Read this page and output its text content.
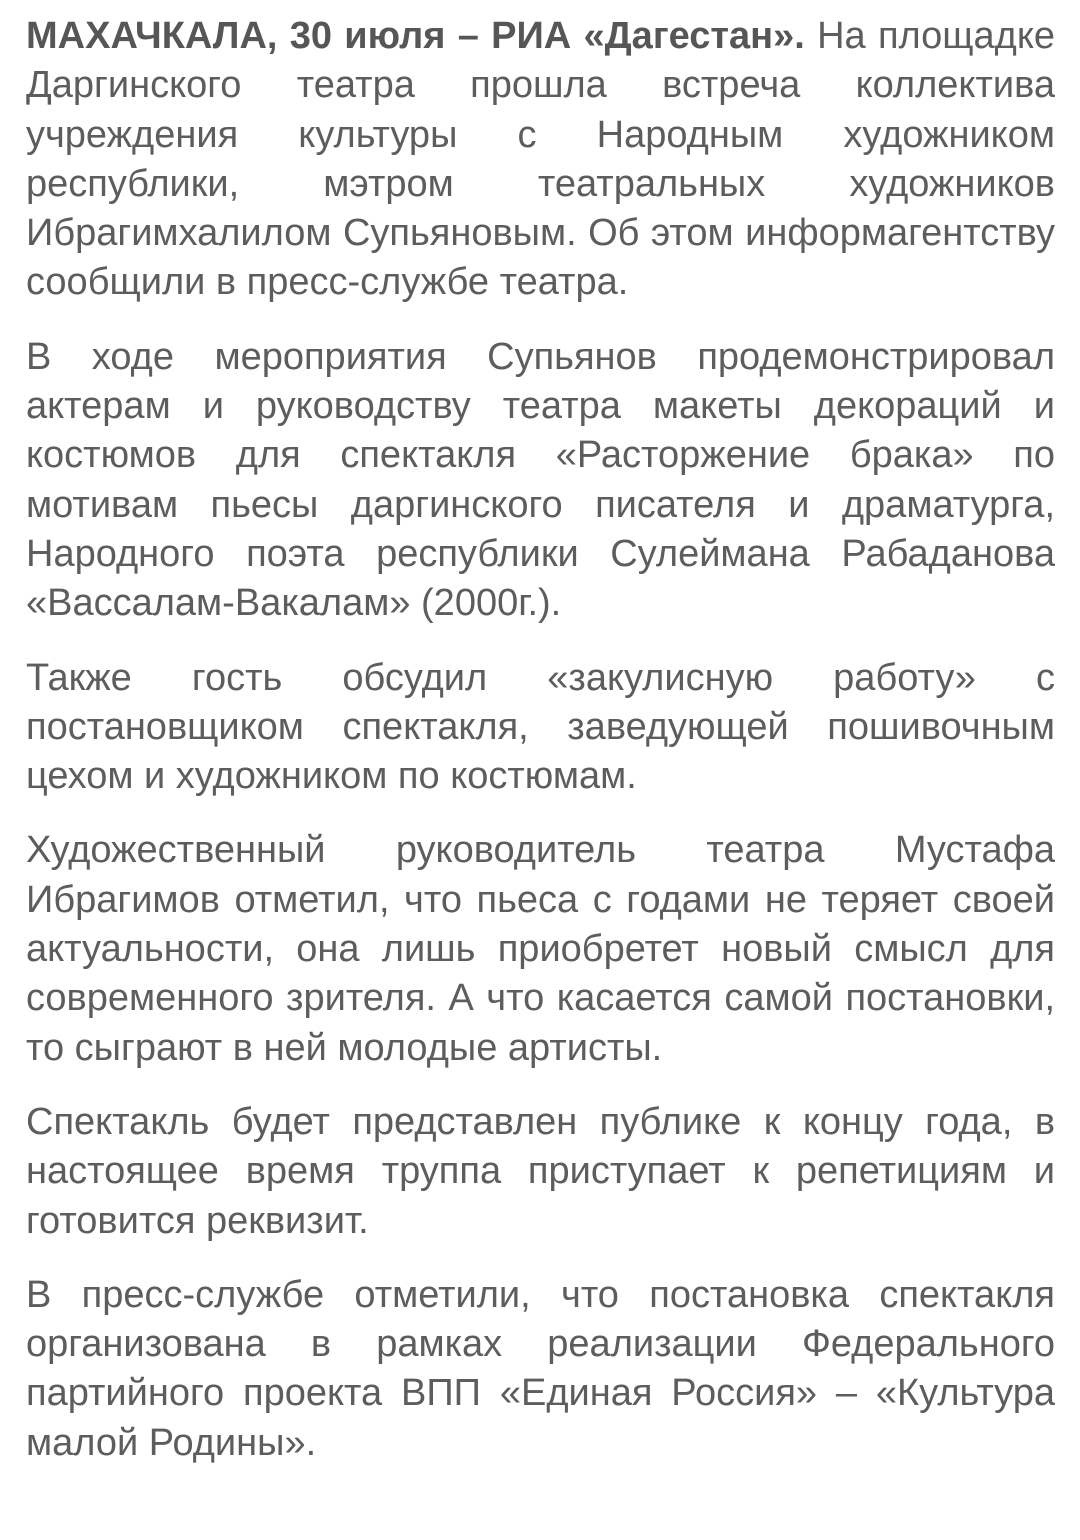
МАХАЧКАЛА, 30 июля – РИА «Дагестан». На площадке Даргинского театра прошла встреча коллектива учреждения культуры с Народным художником республики, мэтром театральных художников Ибрагимхалилом Супьяновым. Об этом информагентству сообщили в пресс-службе театра.

В ходе мероприятия Супьянов продемонстрировал актерам и руководству театра макеты декораций и костюмов для спектакля «Расторжение брака» по мотивам пьесы даргинского писателя и драматурга, Народного поэта республики Сулеймана Рабаданова «Вассалам-Вакалам» (2000г.).

Также гость обсудил «закулисную работу» с постановщиком спектакля, заведующей пошивочным цехом и художником по костюмам.

Художественный руководитель театра Мустафа Ибрагимов отметил, что пьеса с годами не теряет своей актуальности, она лишь приобретет новый смысл для современного зрителя. А что касается самой постановки, то сыграют в ней молодые артисты.

Спектакль будет представлен публике к концу года, в настоящее время труппа приступает к репетициям и готовится реквизит.

В пресс-службе отметили, что постановка спектакля организована в рамках реализации Федерального партийного проекта ВПП «Единая Россия» – «Культура малой Родины».
